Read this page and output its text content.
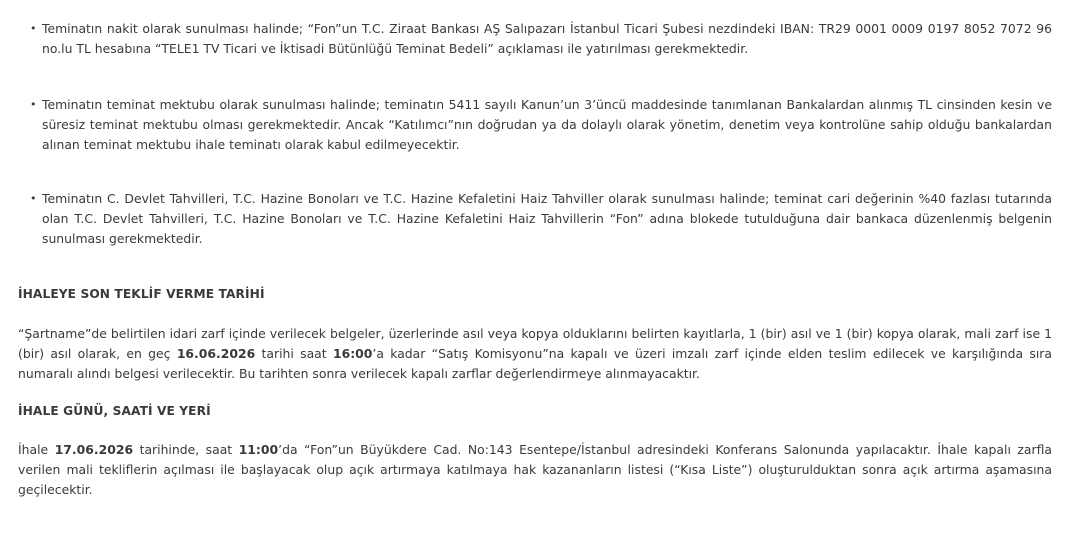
• Teminatın nakit olarak sunulması halinde; “Fon”un T.C. Ziraat Bankası AŞ Salıpazarı İstanbul Ticari Şubesi nezdindeki IBAN: TR29 0001 0009 0197 8052 7072 96 no.lu TL hesabına “TELE1 TV Ticari ve İktisadi Bütünlüğü Teminat Bedeli” açıklaması ile yatırılması gerekmektedir.
• Teminatın teminat mektubu olarak sunulması halinde; teminatın 5411 sayılı Kanun’un 3’üncü maddesinde tanımlanan Bankalardan alınmış TL cinsinden kesin ve süresiz teminat mektubu olması gerekmektedir. Ancak “Katılımcı”nın doğrudan ya da dolaylı olarak yönetim, denetim veya kontrolüne sahip olduğu bankalardan alınan teminat mektubu ihale teminatı olarak kabul edilmeyecektir.
• Teminatın C. Devlet Tahvilleri, T.C. Hazine Bonoları ve T.C. Hazine Kefaletini Haiz Tahviller olarak sunulması halinde; teminat cari değerinin %40 fazlası tutarında olan T.C. Devlet Tahvilleri, T.C. Hazine Bonoları ve T.C. Hazine Kefaletini Haiz Tahvillerin “Fon” adına blokede tutulduğuna dair bankaca düzenlenmiş belgenin sunulması gerekmektedir.
İHALEYE SON TEKLİF VERME TARİHİ
“Şartname”de belirtilen idari zarf içinde verilecek belgeler, üzerlerinde asıl veya kopya olduklarını belirten kayıtlarla, 1 (bir) asıl ve 1 (bir) kopya olarak, mali zarf ise 1 (bir) asıl olarak, en geç 16.06.2026 tarihi saat 16:00’a kadar “Satış Komisyonu”na kapalı ve üzeri imzalı zarf içinde elden teslim edilecek ve karşılığında sıra numaralı alındı belgesi verilecektir. Bu tarihten sonra verilecek kapalı zarflar değerlendirmeye alınmayacaktır.
İHALE GÜNÜ, SAATİ VE YERİ
İhale 17.06.2026 tarihinde, saat 11:00’da “Fon”un Büyükdere Cad. No:143 Esentepe/İstanbul adresindeki Konferans Salonunda yapılacaktır. İhale kapalı zarfla verilen mali tekliflerin açılması ile başlayacak olup açık artırmaya katılmaya hak kazananların listesi (“Kısa Liste”) oluşturulduktan sonra açık artırma aşamasına geçilecektir.
